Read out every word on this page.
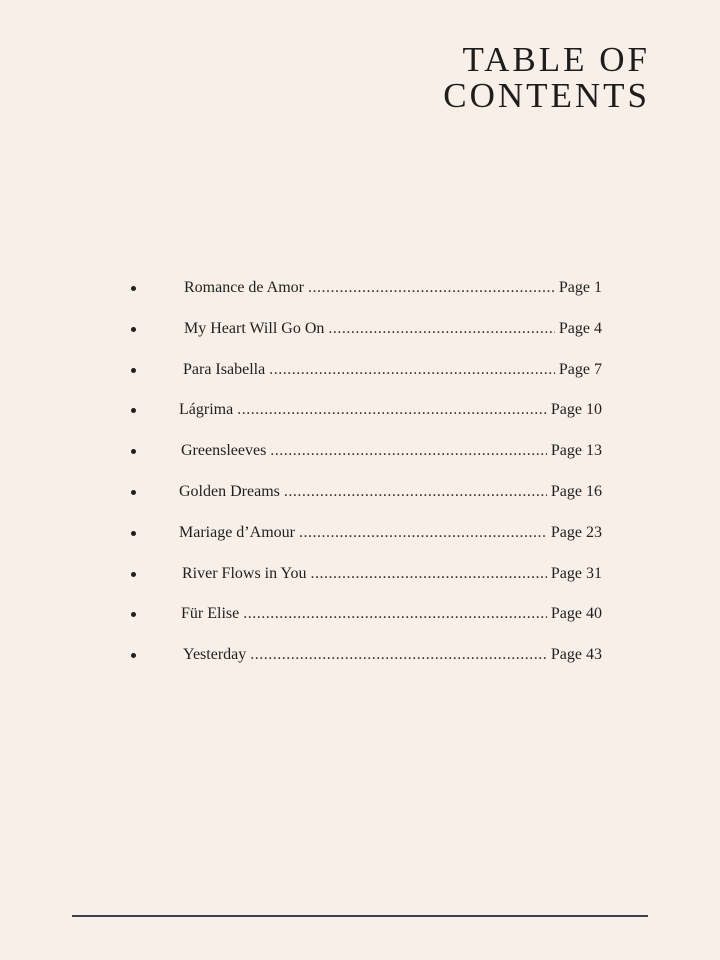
TABLE OF
CONTENTS
Romance de Amor .....	Page 1
My Heart Will Go On .....	Page 4
Para Isabella .....	Page 7
Lágrima .....	Page 10
Greensleeves .....	Page 13
Golden Dreams .....	Page 16
Mariage d’Amour .....	Page 23
River Flows in You .....	Page 31
Für Elise .....	Page 40
Yesterday .....	Page 43
